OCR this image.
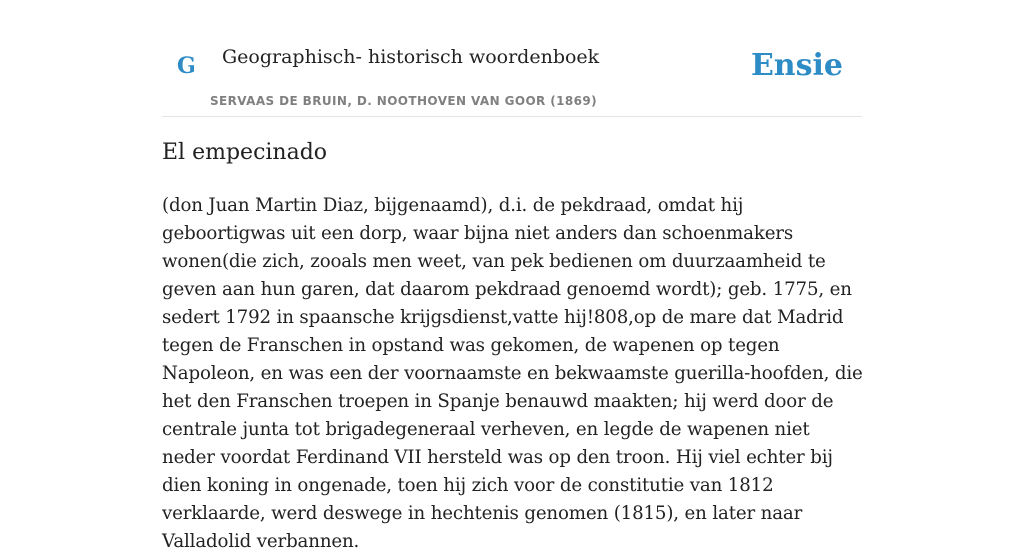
G Geographisch- historisch woordenboek
SERVAAS DE BRUIN, D. NOOTHOVEN VAN GOOR (1869)
Ensie
El empecinado

(don Juan Martin Diaz, bijgenaamd), d.i. de pekdraad, omdat hij geboortigwas uit een dorp, waar bijna niet anders dan schoenmakers wonen(die zich, zooals men weet, van pek bedienen om duurzaamheid te geven aan hun garen, dat daarom pekdraad genoemd wordt); geb. 1775, en sedert 1792 in spaansche krijgsdienst,vatte hij!808,op de mare dat Madrid tegen de Franschen in opstand was gekomen, de wapenen op tegen Napoleon, en was een der voornaamste en bekwaamste guerilla-hoofden, die het den Franschen troepen in Spanje benauwd maakten; hij werd door de centrale junta tot brigadegeneraal verheven, en legde de wapenen niet neder voordat Ferdinand VII hersteld was op den troon. Hij viel echter bij dien koning in ongenade, toen hij zich voor de constitutie van 1812 verklaarde, werd deswege in hechtenis genomen (1815), en later naar Valladolid verbannen.
